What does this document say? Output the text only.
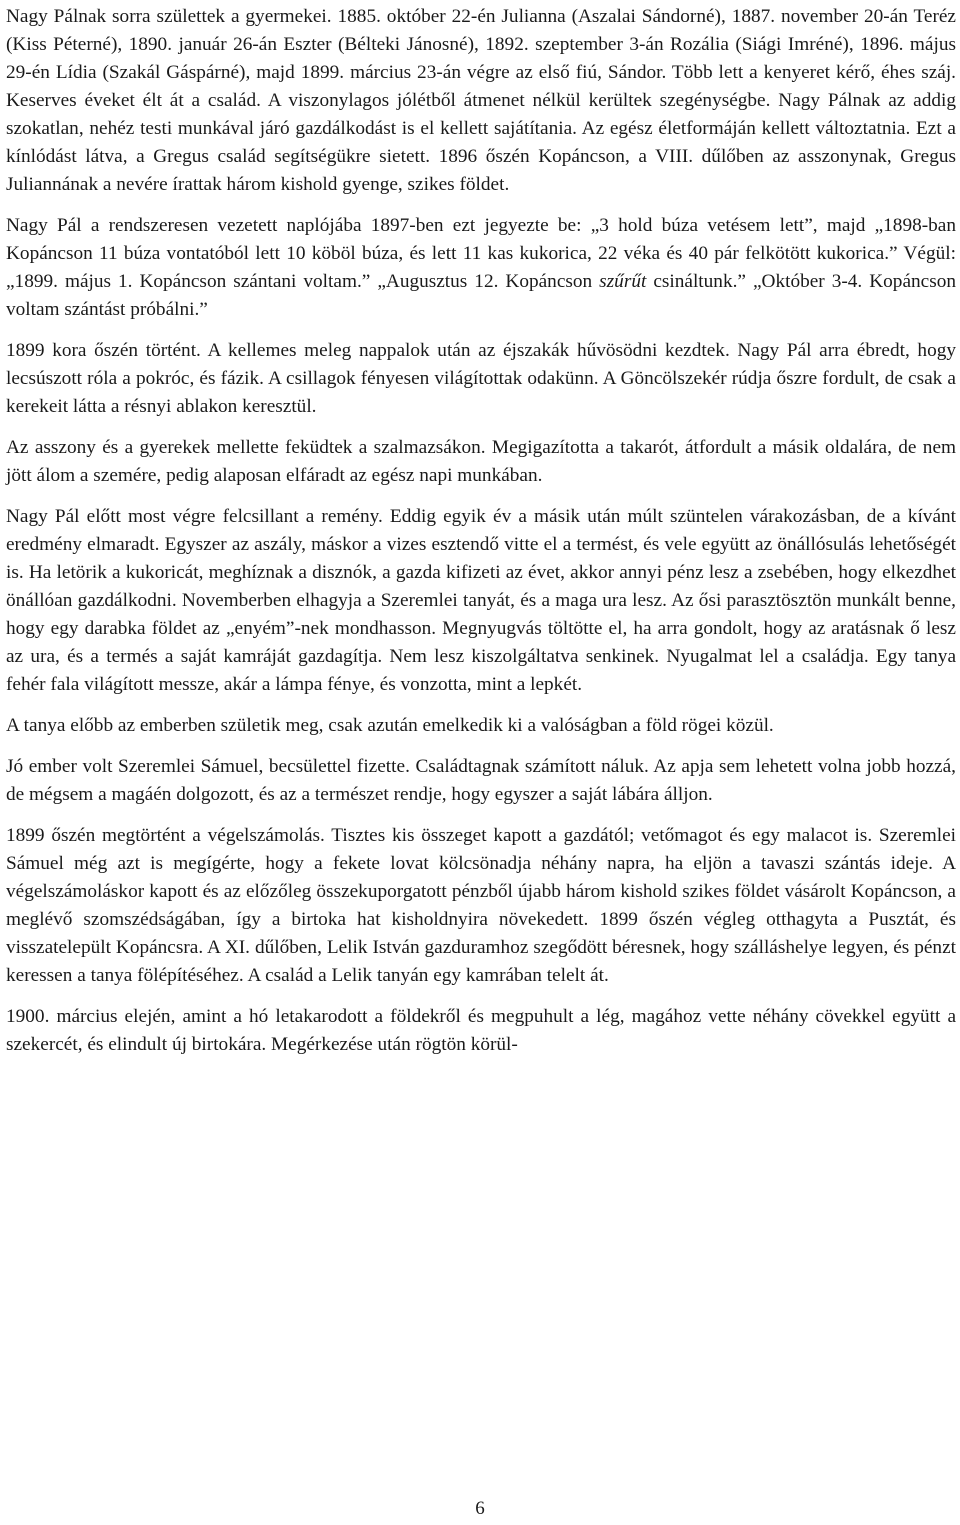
Nagy Pálnak sorra születtek a gyermekei. 1885. október 22-én Julianna (Aszalai Sándorné), 1887. november 20-án Teréz (Kiss Péterné), 1890. január 26-án Eszter (Bélteki Jánosné), 1892. szeptember 3-án Rozália (Siági Imréné), 1896. május 29-én Lídia (Szakál Gáspárné), majd 1899. március 23-án végre az első fiú, Sándor. Több lett a kenyeret kérő, éhes száj. Keserves éveket élt át a család. A viszonylagos jólétből átmenet nélkül kerültek szegénységbe. Nagy Pálnak az addig szokatlan, nehéz testi munkával járó gazdálkodást is el kellett sajátítania. Az egész életformáján kellett változtatnia. Ezt a kínlódást látva, a Gregus család segítségükre sietett. 1896 őszén Kopáncson, a VIII. dűlőben az asszonynak, Gregus Juliannának a nevére írattak három kishold gyenge, szikes földet.

Nagy Pál a rendszeresen vezetett naplójába 1897-ben ezt jegyezte be: „3 hold búza vetésem lett”, majd „1898-ban Kopáncson 11 búza vontatóból lett 10 köböl búza, és lett 11 kas kukorica, 22 véka és 40 pár felkötött kukorica.” Végül: „1899. május 1. Kopáncson szántani voltam.” „Augusztus 12. Kopáncson szűrűt csináltunk.” „Október 3-4. Kopáncson voltam szántást próbálni.”

1899 kora őszén történt. A kellemes meleg nappalok után az éjszakák hűvösödni kezdtek. Nagy Pál arra ébredt, hogy lecsúszott róla a pokróc, és fázik. A csillagok fényesen világítottak odakünn. A Göncölszekér rúdja őszre fordult, de csak a kerekeit látta a résnyi ablakon keresztül.

Az asszony és a gyerekek mellette feküdtek a szalmazsákon. Megigazította a takarót, átfordult a másik oldalára, de nem jött álom a szemére, pedig alaposan elfáradt az egész napi munkában.

Nagy Pál előtt most végre felcsillant a remény. Eddig egyik év a másik után múlt szüntelen várakozásban, de a kívánt eredmény elmaradt. Egyszer az aszály, máskor a vizes esztendő vitte el a termést, és vele együtt az önállósulás lehetőségét is. Ha letörik a kukoricát, meghíznak a disznók, a gazda kifizeti az évet, akkor annyi pénz lesz a zsebében, hogy elkezdhet önállóan gazdálkodni. Novemberben elhagyja a Szeremlei tanyát, és a maga ura lesz. Az ősi parasztösztön munkált benne, hogy egy darabka földet az „enyém”-nek mondhasson. Megnyugvás töltötte el, ha arra gondolt, hogy az aratásnak ő lesz az ura, és a termés a saját kamráját gazdagítja. Nem lesz kiszolgáltatva senkinek. Nyugalmat lel a családja. Egy tanya fehér fala világított messze, akár a lámpa fénye, és vonzotta, mint a lepkét.

A tanya előbb az emberben születik meg, csak azután emelkedik ki a valóságban a föld rögei közül.

Jó ember volt Szeremlei Sámuel, becsülettel fizette. Családtagnak számított náluk. Az apja sem lehetett volna jobb hozzá, de mégsem a magáén dolgozott, és az a természet rendje, hogy egyszer a saját lábára álljon.

1899 őszén megtörtént a végelszámolás. Tisztes kis összeget kapott a gazdától; vetőmagot és egy malacot is. Szeremlei Sámuel még azt is megígérte, hogy a fekete lovat kölcsönadja néhány napra, ha eljön a tavaszi szántás ideje. A végelszámoláskor kapott és az előzőleg összekuporgatott pénzből újabb három kishold szikes földet vásárolt Kopáncson, a meglévő szomszédságában, így a birtoka hat kisholdnyira növekedett. 1899 őszén végleg otthagyta a Pusztát, és visszatelepült Kopáncsra. A XI. dűlőben, Lelik István gazduramhoz szegődött béresnek, hogy szálláshelye legyen, és pénzt keressen a tanya fölépítéséhez. A család a Lelik tanyán egy kamrában telelt át.

1900. március elején, amint a hó letakarodott a földekről és megpuhult a lég, magához vette néhány cövekkel együtt a szekercét, és elindult új birtokára. Megérkezése után rögtön körül-

6
